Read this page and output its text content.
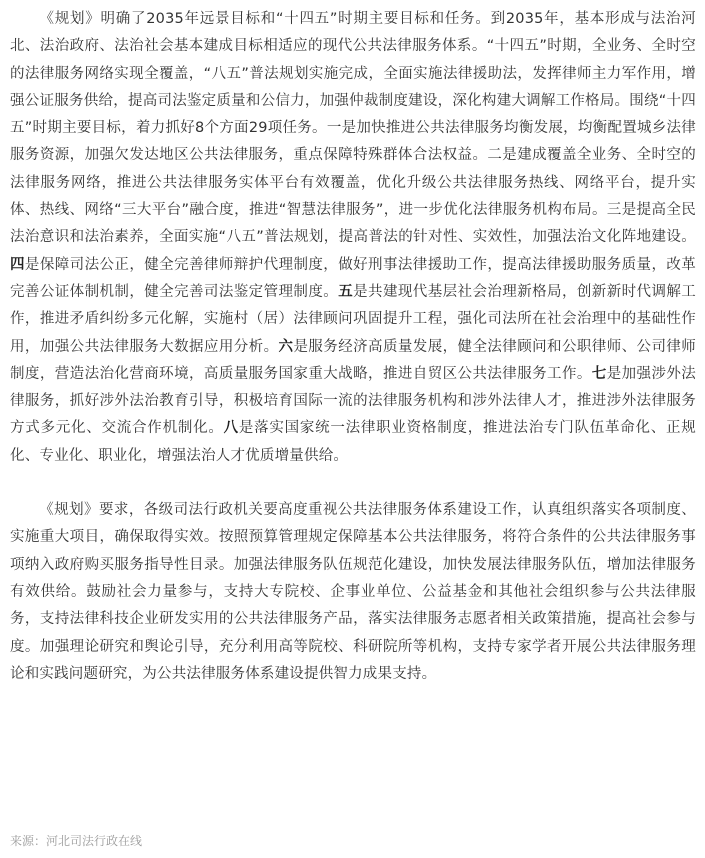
《规划》明确了2035年远景目标和“十四五”时期主要目标和任务。到2035年，基本形成与法治河北、法治政府、法治社会基本建成目标相适应的现代公共法律服务体系。“十四五”时期，全业务、全时空的法律服务网络实现全覆盖，“八五”普法规划实施完成，全面实施法律援助法，发挥律师主力军作用，增强公证服务供给，提高司法鉴定质量和公信力，加强仲裁制度建设，深化构建大调解工作格局。围绕“十四五”时期主要目标，着力抓好8个方面29项任务。一是加快推进公共法律服务均衡发展，均衡配置城乡法律服务资源，加强欠发达地区公共法律服务，重点保障特殊群体合法权益。二是建成覆盖全业务、全时空的法律服务网络，推进公共法律服务实体平台有效覆盖，优化升级公共法律服务热线、网络平台，提升实体、热线、网络“三大平台”融合度，推进“智慧法律服务”，进一步优化法律服务机构布局。三是提高全民法治意识和法治素养，全面实施“八五”普法规划，提高普法的针对性、实效性，加强法治文化阵地建设。四是保障司法公正，健全完善律师辩护代理制度，做好刑事法律援助工作，提高法律援助服务质量，改革完善公证体制机制，健全完善司法鉴定管理制度。五是共建现代基层社会治理新格局，创新新时代调解工作，推进矛盾纠纷多元化解，实施村（居）法律顾问巩固提升工程，强化司法所在社会治理中的基础性作用，加强公共法律服务大数据应用分析。六是服务经济高质量发展，健全法律顾问和公职律师、公司律师制度，营造法治化营商环境，高质量服务国家重大战略，推进自贸区公共法律服务工作。七是加强涉外法律服务，抓好涉外法治教育引导，积极培育国际一流的法律服务机构和涉外法律人才，推进涉外法律服务方式多元化、交流合作机制化。八是落实国家统一法律职业资格制度，推进法治专门队伍革命化、正规化、专业化、职业化，增强法治人才优质增量供给。

《规划》要求，各级司法行政机关要高度重视公共法律服务体系建设工作，认真组织落实各项制度、实施重大项目，确保取得实效。按照预算管理规定保障基本公共法律服务，将符合条件的公共法律服务事项纳入政府购买服务指导性目录。加强法律服务队伍规范化建设，加快发展法律服务队伍，增加法律服务有效供给。鼓励社会力量参与，支持大专院校、企事业单位、公益基金和其他社会组织参与公共法律服务，支持法律科技企业研发实用的公共法律服务产品，落实法律服务志愿者相关政策措施，提高社会参与度。加强理论研究和舆论引导，充分利用高等院校、科研院所等机构，支持专家学者开展公共法律服务理论和实践问题研究，为公共法律服务体系建设提供智力成果支持。

来源：河北司法行政在线
